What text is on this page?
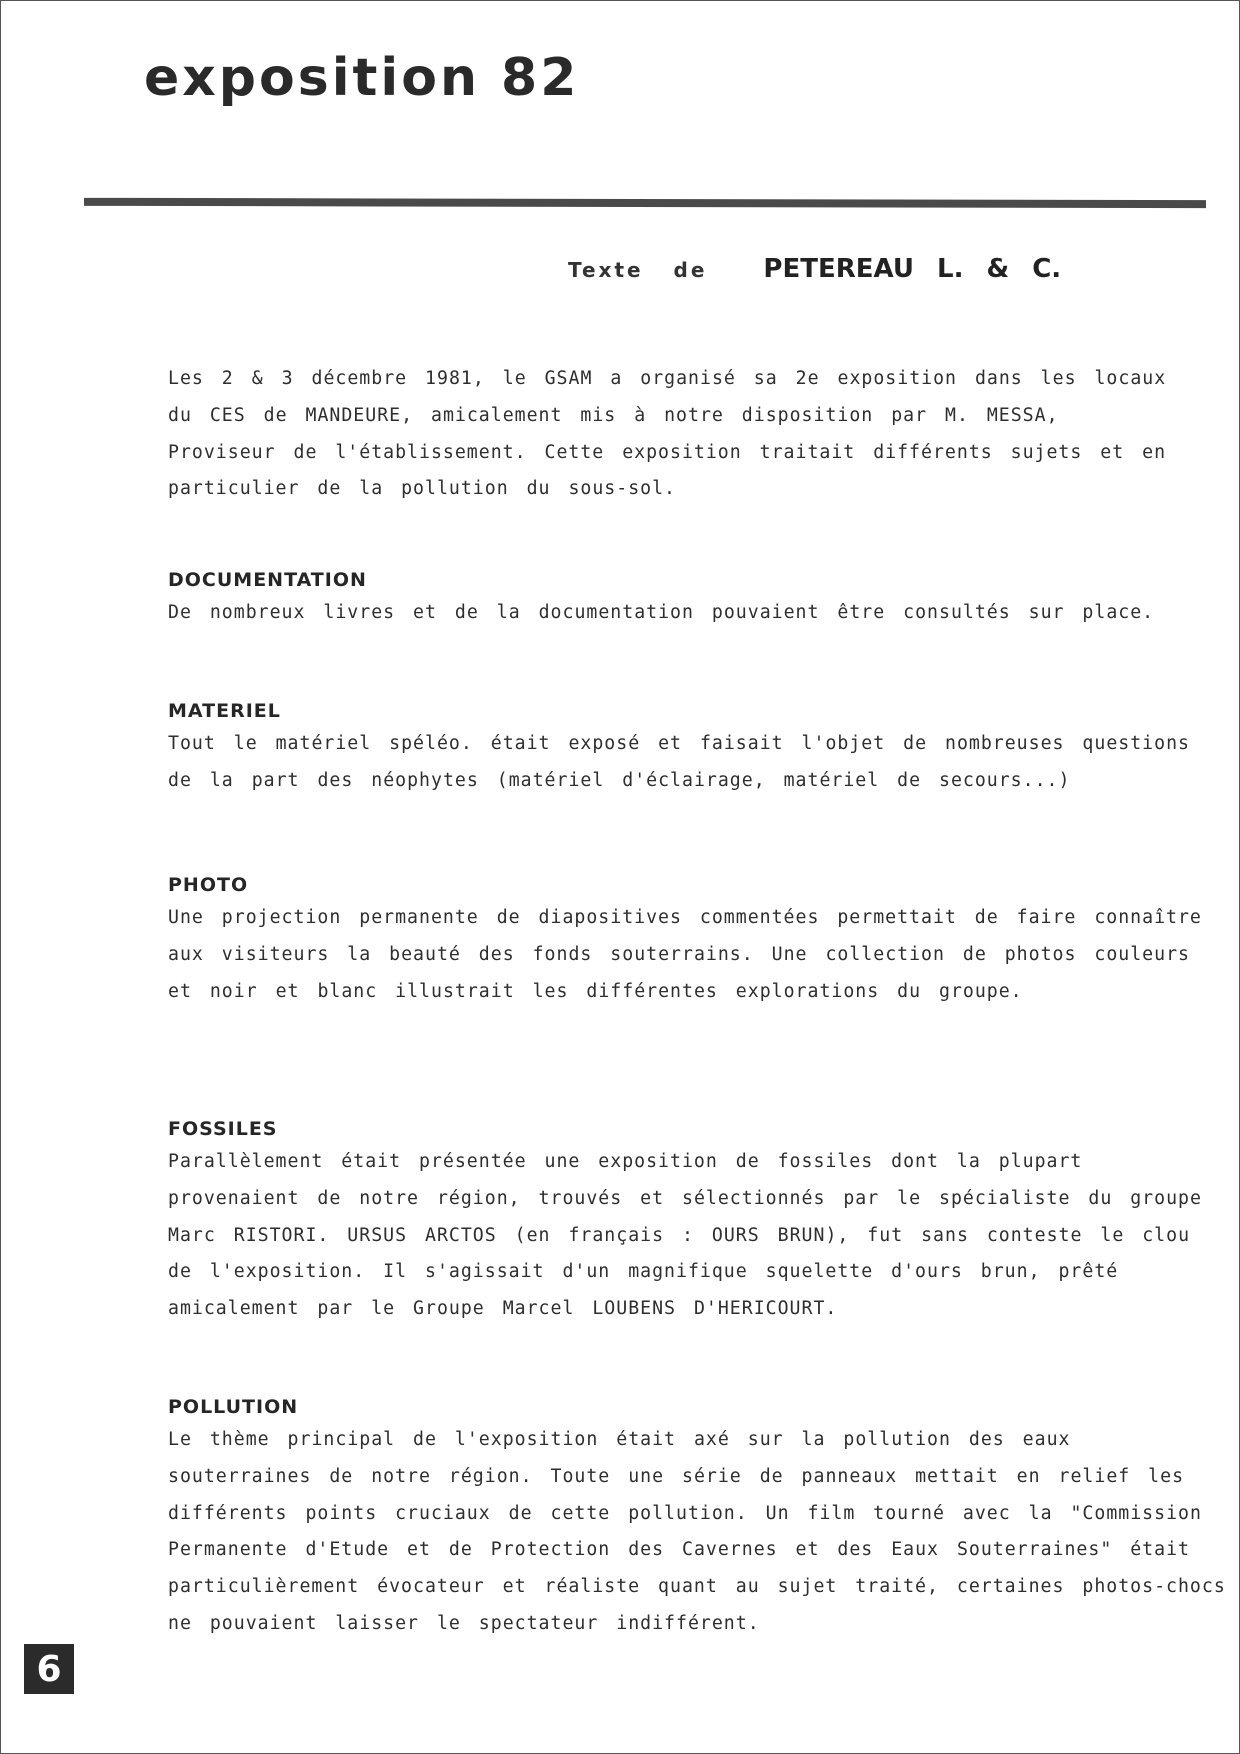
exposition 82
Texte de PETEREAU L. & C.

Les 2 & 3 décembre 1981, le GSAM a organisé sa 2e exposition dans les locaux du CES de MANDEURE, amicalement mis à notre disposition par M. MESSA, Proviseur de l'établissement. Cette exposition traitait différents sujets et en particulier de la pollution du sous-sol.

DOCUMENTATION

De nombreux livres et de la documentation pouvaient être consultés sur place.

MATERIEL

Tout le matériel spéléo. était exposé et faisait l'objet de nombreuses questions de la part des néophytes (matériel d'éclairage, matériel de secours...)

PHOTO

Une projection permanente de diapositives commentées permettait de faire connaître aux visiteurs la beauté des fonds souterrains. Une collection de photos couleurs et noir et blanc illustrait les différentes explorations du groupe.

FOSSILES

Parallèlement était présentée une exposition de fossiles dont la plupart provenaient de notre région, trouvés et sélectionnés par le spécialiste du groupe Marc RISTORI. URSUS ARCTOS (en français : OURS BRUN), fut sans conteste le clou de l'exposition. Il s'agissait d'un magnifique squelette d'ours brun, prêté amicalement par le Groupe Marcel LOUBENS D'HERICOURT.

POLLUTION

Le thème principal de l'exposition était axé sur la pollution des eaux souterraines de notre région. Toute une série de panneaux mettait en relief les différents points cruciaux de cette pollution. Un film tourné avec la "Commission Permanente d'Etude et de Protection des Cavernes et des Eaux Souterraines" était particulièrement évocateur et réaliste quant au sujet traité, certaines photos-chocs ne pouvaient laisser le spectateur indifférent.

6
